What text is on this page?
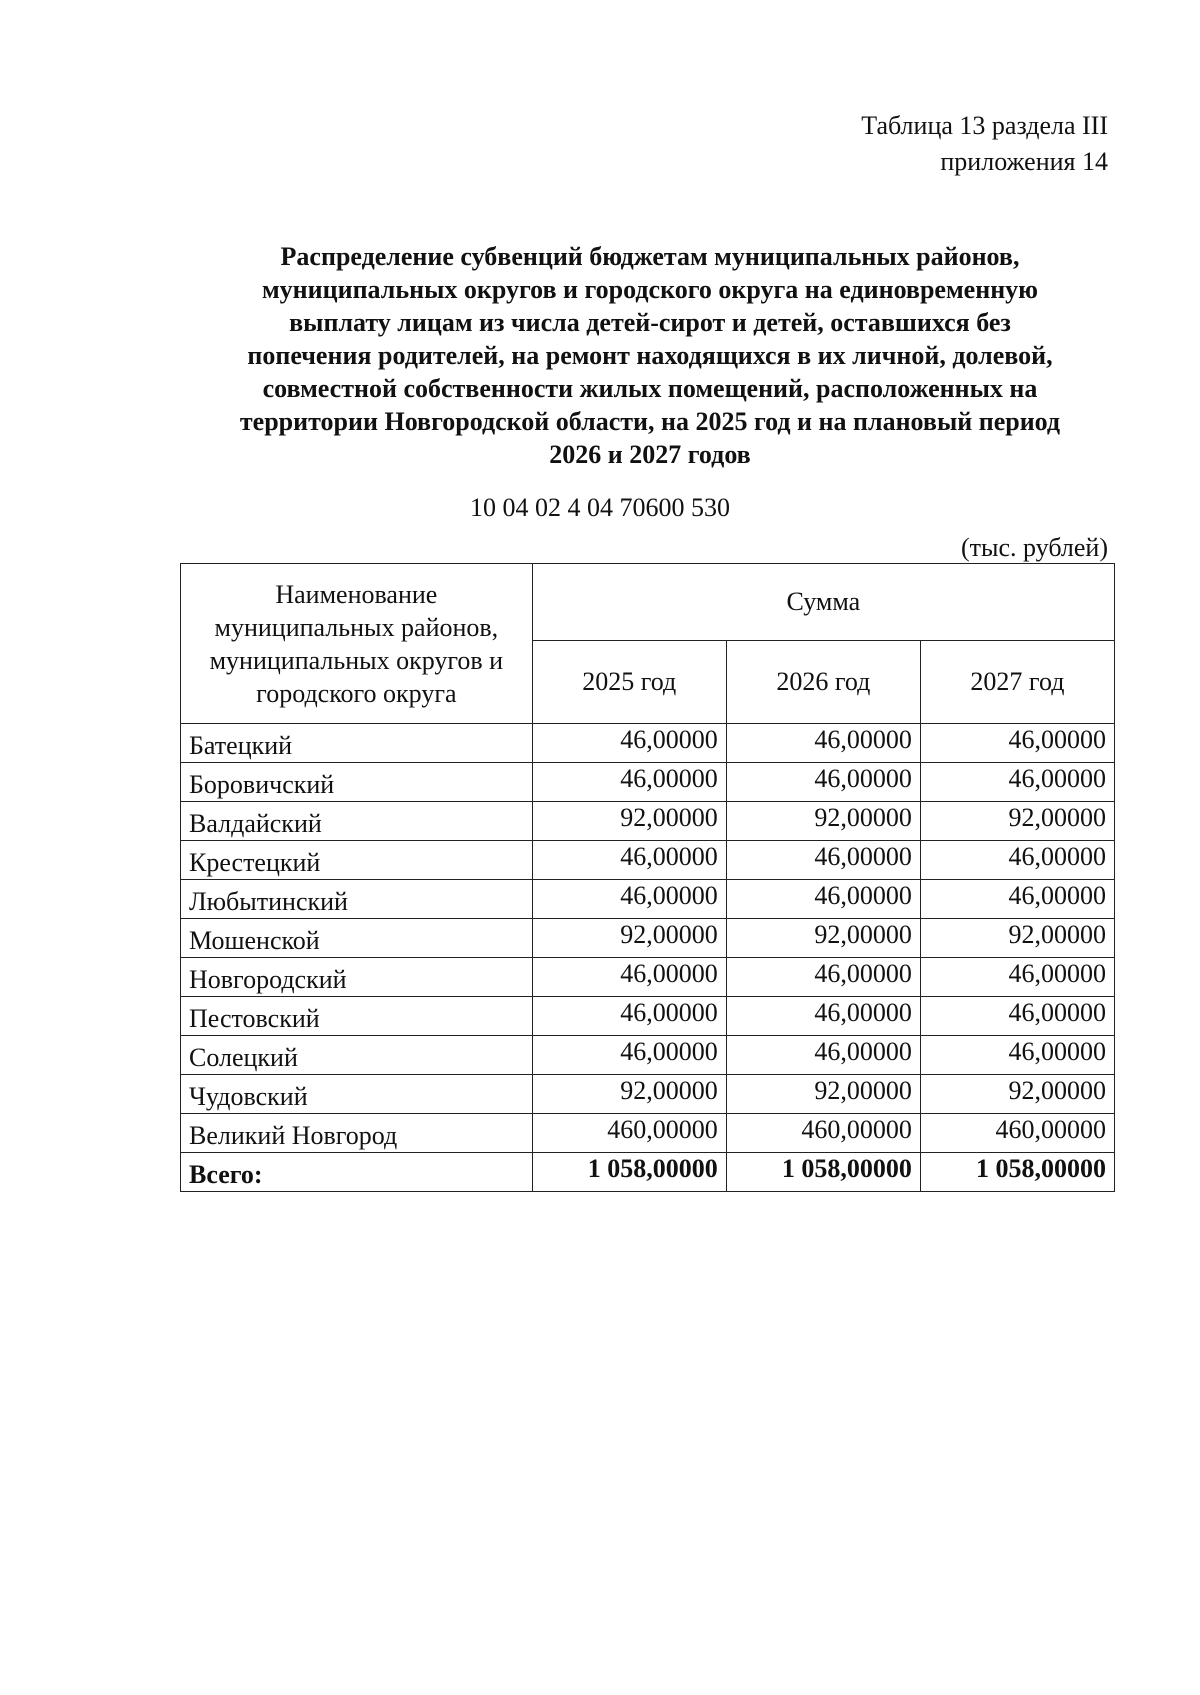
Таблица 13 раздела III
приложения 14
Распределение субвенций бюджетам муниципальных районов,
муниципальных округов и городского округа на единовременную
выплату лицам из числа детей-сирот и детей, оставшихся без
попечения родителей, на ремонт находящихся в их личной, долевой,
совместной собственности жилых помещений, расположенных на
территории Новгородской области, на 2025 год и на плановый период
2026 и 2027 годов
10 04 02 4 04 70600 530
(тыс. рублей)
Наименование муниципальных районов, муниципальных округов и городского округа	Сумма		
	2025 год	2026 год	2027 год
Батецкий	46,00000	46,00000	46,00000
Боровичский	46,00000	46,00000	46,00000
Валдайский	92,00000	92,00000	92,00000
Крестецкий	46,00000	46,00000	46,00000
Любытинский	46,00000	46,00000	46,00000
Мошенской	92,00000	92,00000	92,00000
Новгородский	46,00000	46,00000	46,00000
Пестовский	46,00000	46,00000	46,00000
Солецкий	46,00000	46,00000	46,00000
Чудовский	92,00000	92,00000	92,00000
Великий Новгород	460,00000	460,00000	460,00000
Всего:	1 058,00000	1 058,00000	1 058,00000
